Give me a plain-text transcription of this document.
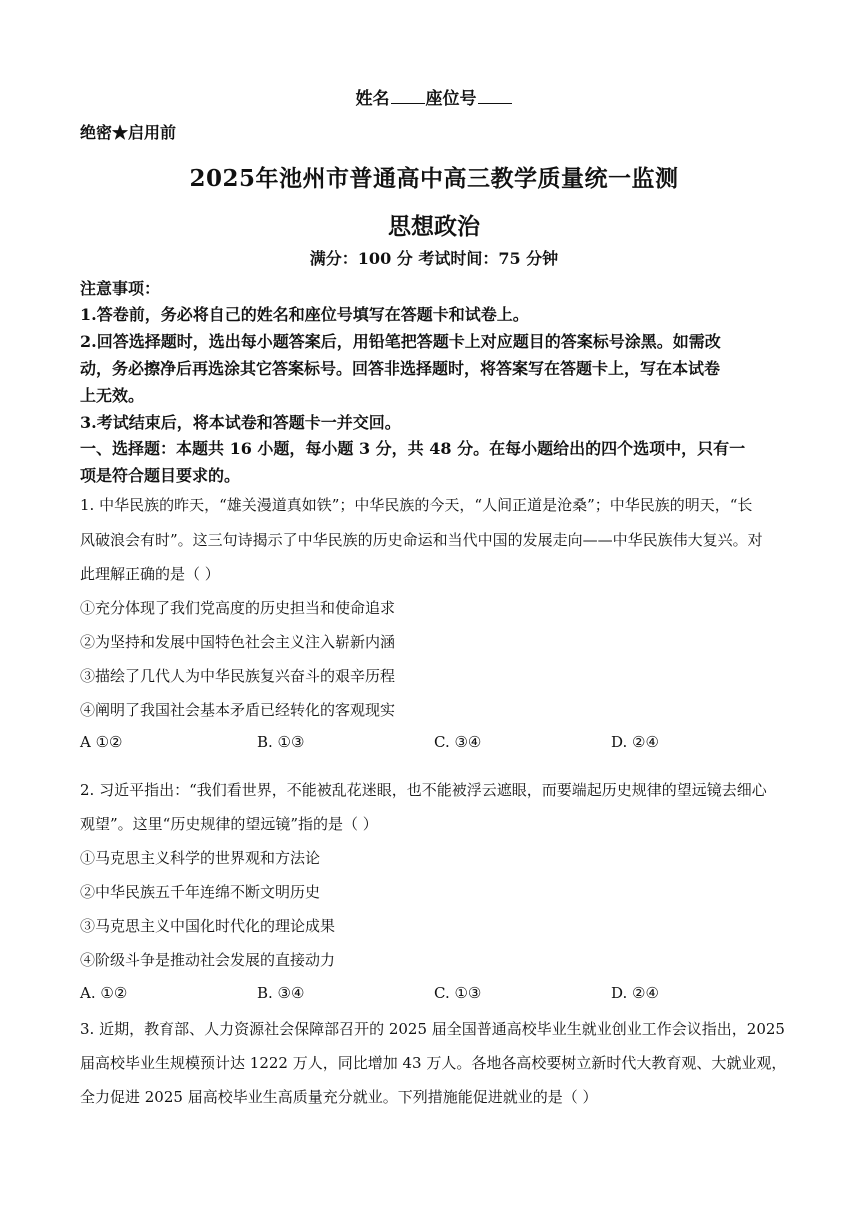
姓名 座位号
绝密★启用前
2025年池州市普通高中高三教学质量统一监测
思想政治
满分：100 分 考试时间：75 分钟
注意事项：
1.答卷前，务必将自己的姓名和座位号填写在答题卡和试卷上。
2.回答选择题时，选出每小题答案后，用铅笔把答题卡上对应题目的答案标号涂黑。如需改
动，务必擦净后再选涂其它答案标号。回答非选择题时，将答案写在答题卡上，写在本试卷
上无效。
3.考试结束后，将本试卷和答题卡一并交回。
一、选择题：本题共 16 小题，每小题 3 分，共 48 分。在每小题给出的四个选项中，只有一
项是符合题目要求的。
1. 中华民族的昨天，“雄关漫道真如铁”；中华民族的今天，“人间正道是沧桑”；中华民族的明天，“长
风破浪会有时”。这三句诗揭示了中华民族的历史命运和当代中国的发展走向——中华民族伟大复兴。对
此理解正确的是（ ）
①充分体现了我们党高度的历史担当和使命追求
②为坚持和发展中国特色社会主义注入崭新内涵
③描绘了几代人为中华民族复兴奋斗的艰辛历程
④阐明了我国社会基本矛盾已经转化的客观现实
A ①②	B. ①③	C. ③④	D. ②④
2. 习近平指出：“我们看世界，不能被乱花迷眼，也不能被浮云遮眼，而要端起历史规律的望远镜去细心
观望”。这里“历史规律的望远镜”指的是（ ）
①马克思主义科学的世界观和方法论
②中华民族五千年连绵不断文明历史
③马克思主义中国化时代化的理论成果
④阶级斗争是推动社会发展的直接动力
A. ①②	B. ③④	C. ①③	D. ②④
3. 近期，教育部、人力资源社会保障部召开的 2025 届全国普通高校毕业生就业创业工作会议指出，2025
届高校毕业生规模预计达 1222 万人，同比增加 43 万人。各地各高校要树立新时代大教育观、大就业观，
全力促进 2025 届高校毕业生高质量充分就业。下列措施能促进就业的是（ ）
